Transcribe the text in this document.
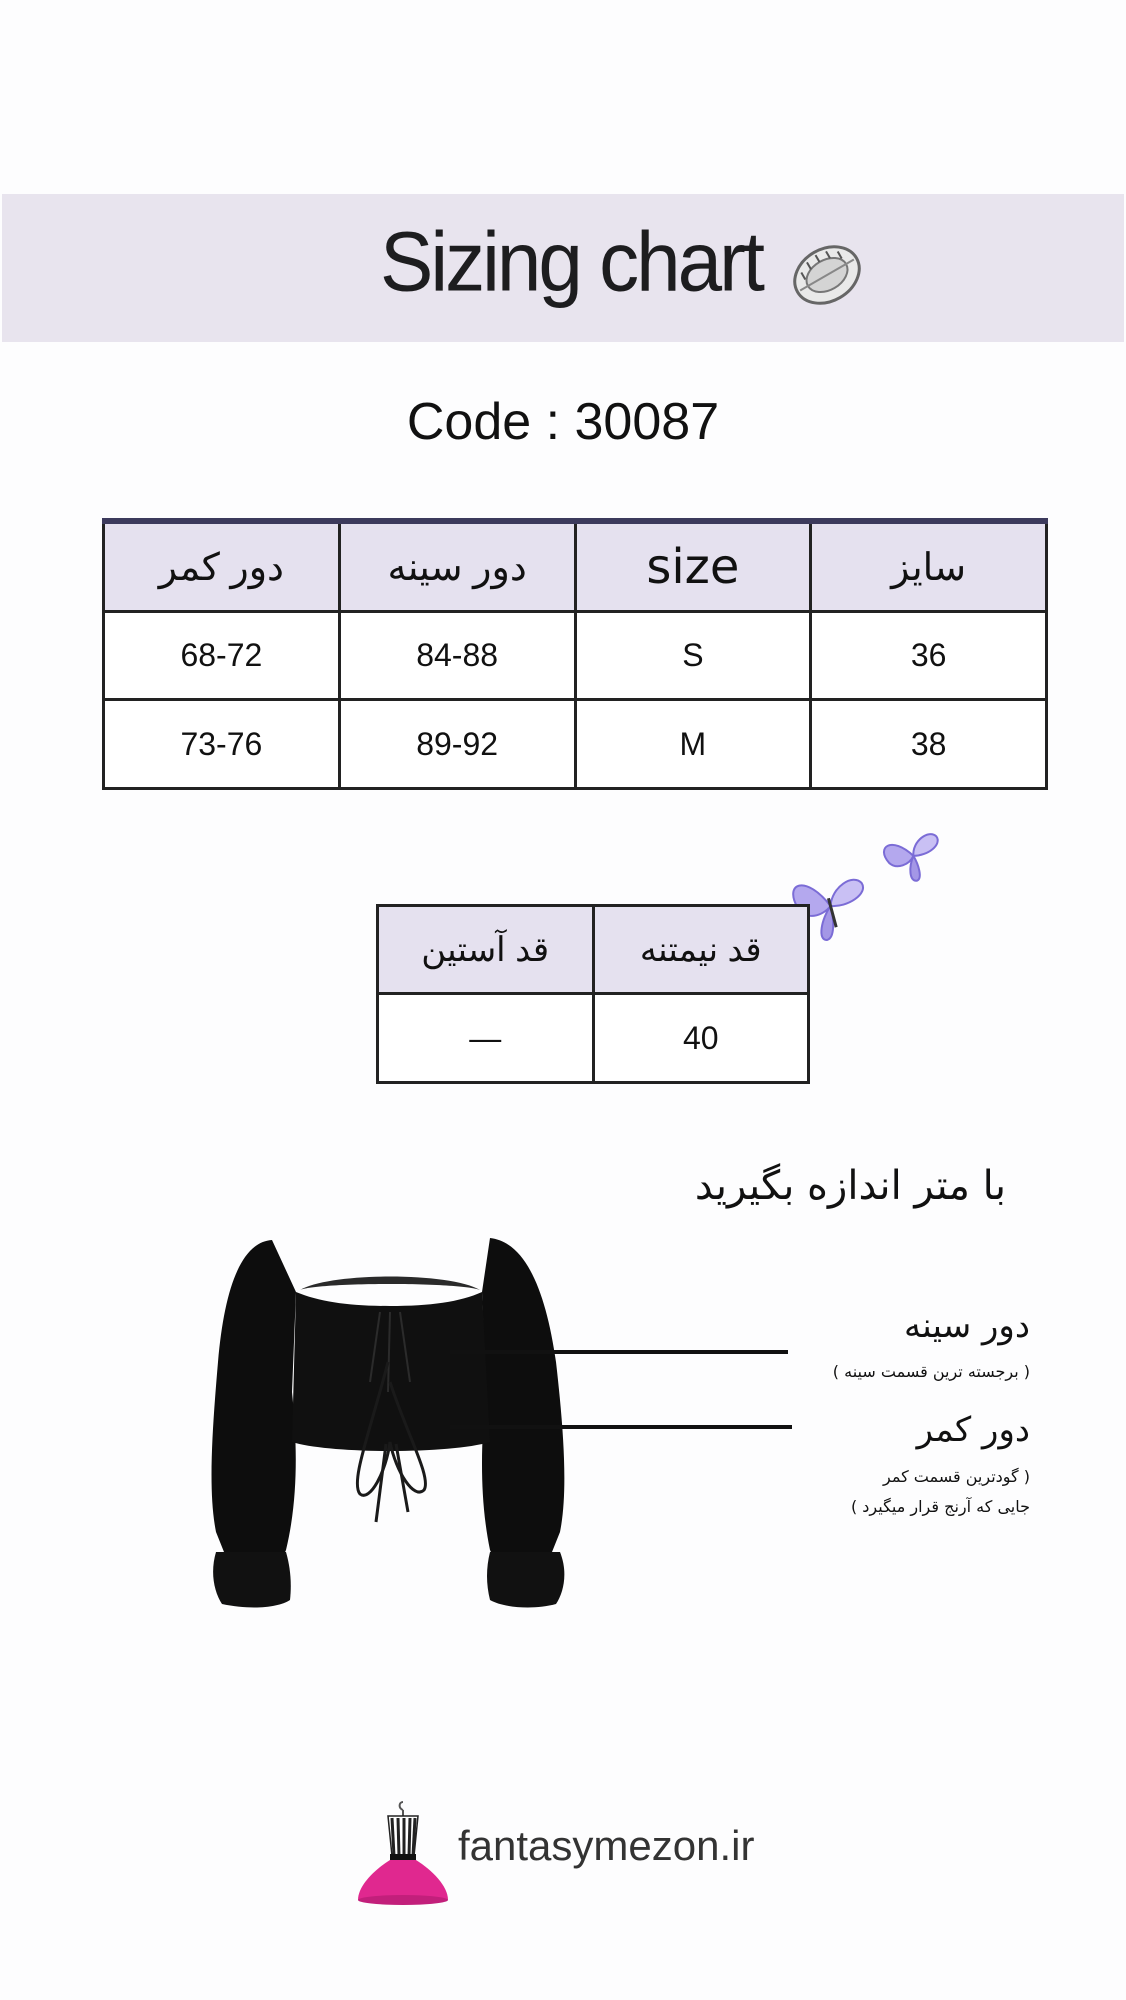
Sizing chart
Code : 30087
دور کمر	دور سینه	size	سایز
68-72	84-88	S	36
73-76	89-92	M	38
قد آستین	قد نیمتنه
—	40
با متر اندازه بگیرید
دور سینه
( برجسته ترین قسمت سینه )
دور کمر
( گودترین قسمت کمر
جایی که آرنج قرار میگیرد )
fantasymezon.ir
